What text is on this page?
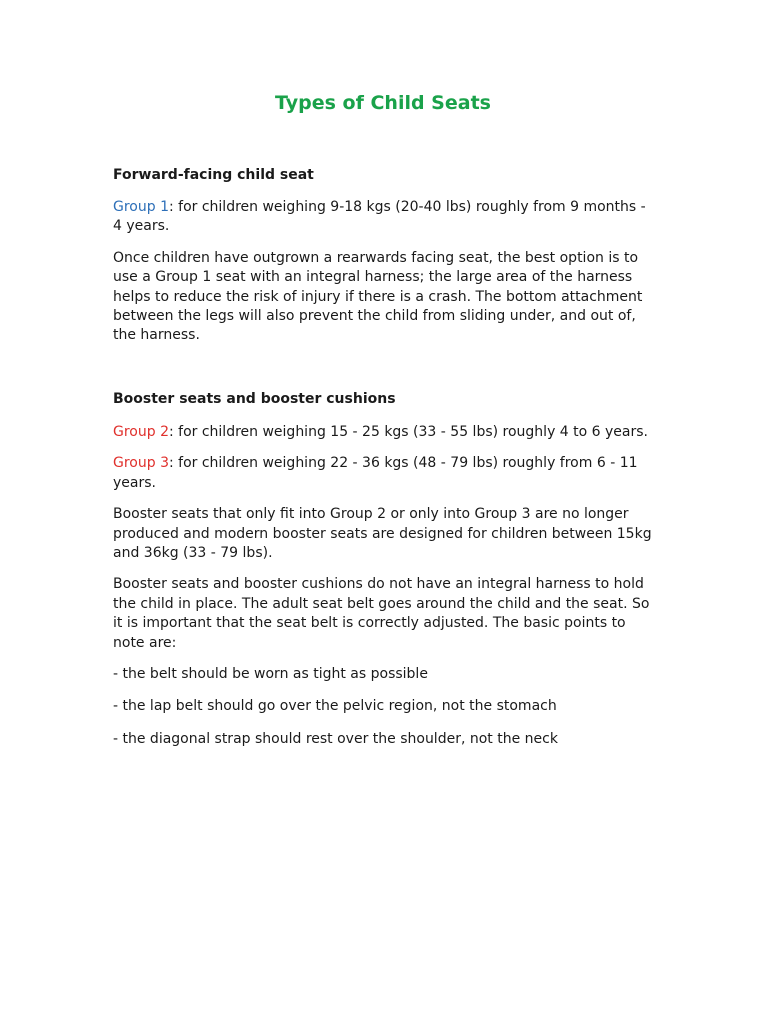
Types of Child Seats
Forward-facing child seat

Group 1: for children weighing 9-18 kgs (20-40 lbs) roughly from 9 months - 4 years.

Once children have outgrown a rearwards facing seat, the best option is to use a Group 1 seat with an integral harness; the large area of the harness helps to reduce the risk of injury if there is a crash. The bottom attachment between the legs will also prevent the child from sliding under, and out of, the harness.

Booster seats and booster cushions

Group 2: for children weighing 15 - 25 kgs (33 - 55 lbs) roughly 4 to 6 years.

Group 3: for children weighing 22 - 36 kgs (48 - 79 lbs) roughly from 6 - 11 years.

Booster seats that only fit into Group 2 or only into Group 3 are no longer produced and modern booster seats are designed for children between 15kg and 36kg (33 - 79 lbs).

Booster seats and booster cushions do not have an integral harness to hold the child in place. The adult seat belt goes around the child and the seat. So it is important that the seat belt is correctly adjusted. The basic points to note are:

- the belt should be worn as tight as possible

- the lap belt should go over the pelvic region, not the stomach

- the diagonal strap should rest over the shoulder, not the neck
